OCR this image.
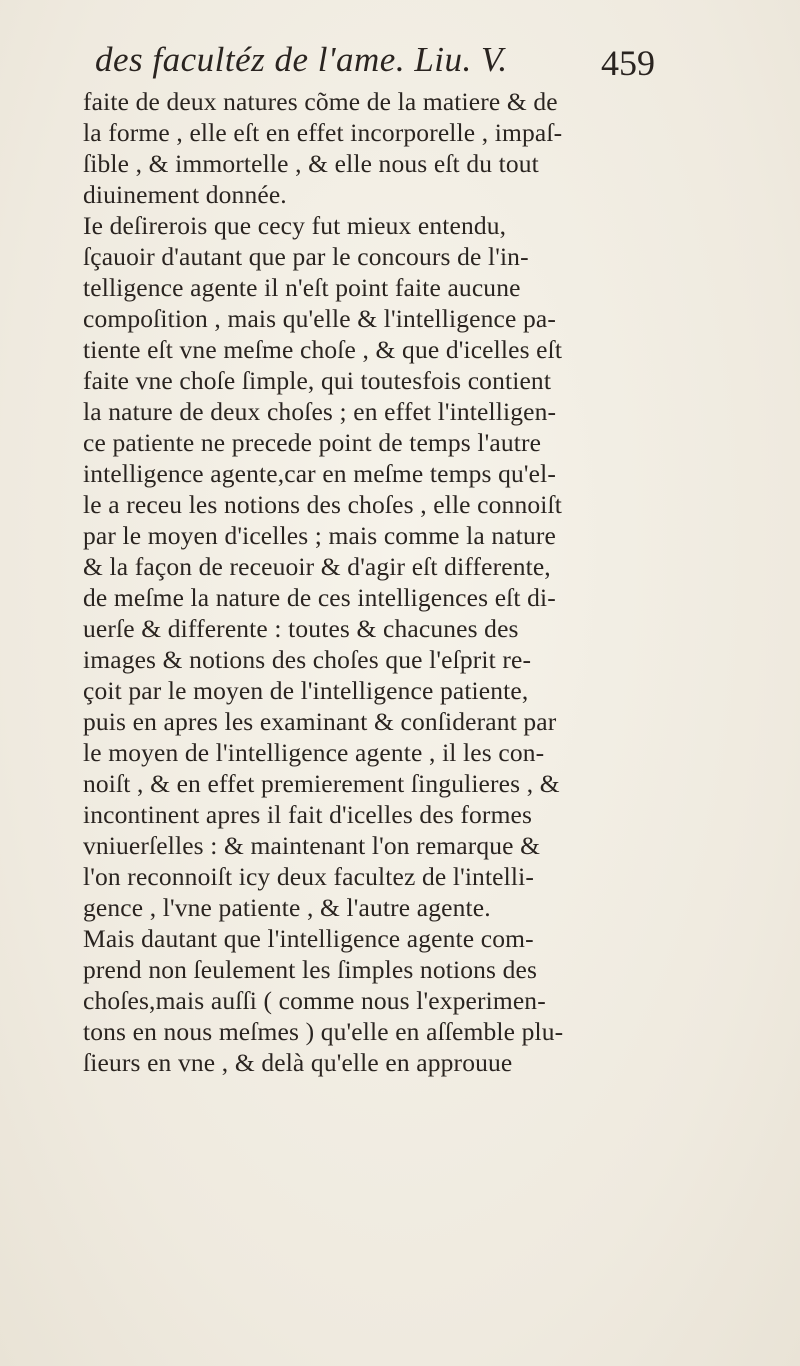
des facultéz de l'ame. Liu. V.	459
faite de deux natures cõme de la matiere & de
la forme , elle eſt en effet incorporelle , impaſ-
ſible , & immortelle , & elle nous eſt du tout
diuinement donnée.
Ie deſirerois que cecy fut mieux entendu,
ſçauoir d'autant que par le concours de l'in-
telligence agente il n'eſt point faite aucune
compoſition , mais qu'elle & l'intelligence pa-
tiente eſt vne meſme choſe , & que d'icelles eſt
faite vne choſe ſimple, qui toutesfois contient
la nature de deux choſes ; en effet l'intelligen-
ce patiente ne precede point de temps l'autre
intelligence agente,car en meſme temps qu'el-
le a receu les notions des choſes , elle connoiſt
par le moyen d'icelles ; mais comme la nature
& la façon de receuoir & d'agir eſt differente,
de meſme la nature de ces intelligences eſt di-
uerſe & differente : toutes & chacunes des
images & notions des choſes que l'eſprit re-
çoit par le moyen de l'intelligence patiente,
puis en apres les examinant & conſiderant par
le moyen de l'intelligence agente , il les con-
noiſt , & en effet premierement ſingulieres , &
incontinent apres il fait d'icelles des formes
vniuerſelles : & maintenant l'on remarque &
l'on reconnoiſt icy deux facultez de l'intelli-
gence , l'vne patiente , & l'autre agente.
Mais dautant que l'intelligence agente com-
prend non ſeulement les ſimples notions des
choſes,mais auſſi ( comme nous l'experimen-
tons en nous meſmes ) qu'elle en aſſemble plu-
ſieurs en vne , & delà qu'elle en approuue
